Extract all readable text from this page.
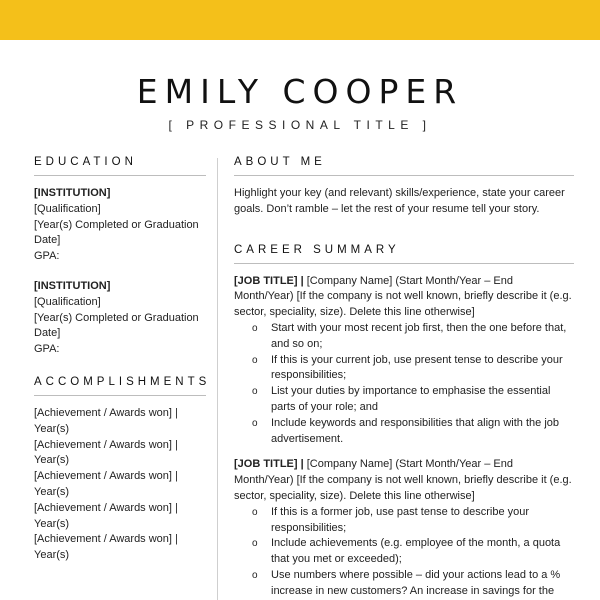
EMILY COOPER
[ PROFESSIONAL TITLE ]
EDUCATION
[INSTITUTION]
[Qualification]
[Year(s) Completed or Graduation Date]
GPA:
[INSTITUTION]
[Qualification]
[Year(s) Completed or Graduation Date]
GPA:
ACCOMPLISHMENTS
[Achievement / Awards won] | Year(s)
[Achievement / Awards won] | Year(s)
[Achievement / Awards won] | Year(s)
[Achievement / Awards won] | Year(s)
[Achievement / Awards won] | Year(s)
ABOUT ME
Highlight your key (and relevant) skills/experience, state your career goals. Don’t ramble – let the rest of your resume tell your story.
CAREER SUMMARY
[JOB TITLE] | [Company Name] (Start Month/Year – End Month/Year) [If the company is not well known, briefly describe it (e.g. sector, speciality, size). Delete this line otherwise]
o Start with your most recent job first, then the one before that, and so on;
o If this is your current job, use present tense to describe your responsibilities;
o List your duties by importance to emphasise the essential parts of your role; and
o Include keywords and responsibilities that align with the job advertisement.
[JOB TITLE] | [Company Name] (Start Month/Year – End Month/Year) [If the company is not well known, briefly describe it (e.g. sector, speciality, size). Delete this line otherwise]
o If this is a former job, use past tense to describe your responsibilities;
o Include achievements (e.g. employee of the month, a quota that you met or exceeded);
o Use numbers where possible – did your actions lead to a % increase in new customers? An increase in savings for the
